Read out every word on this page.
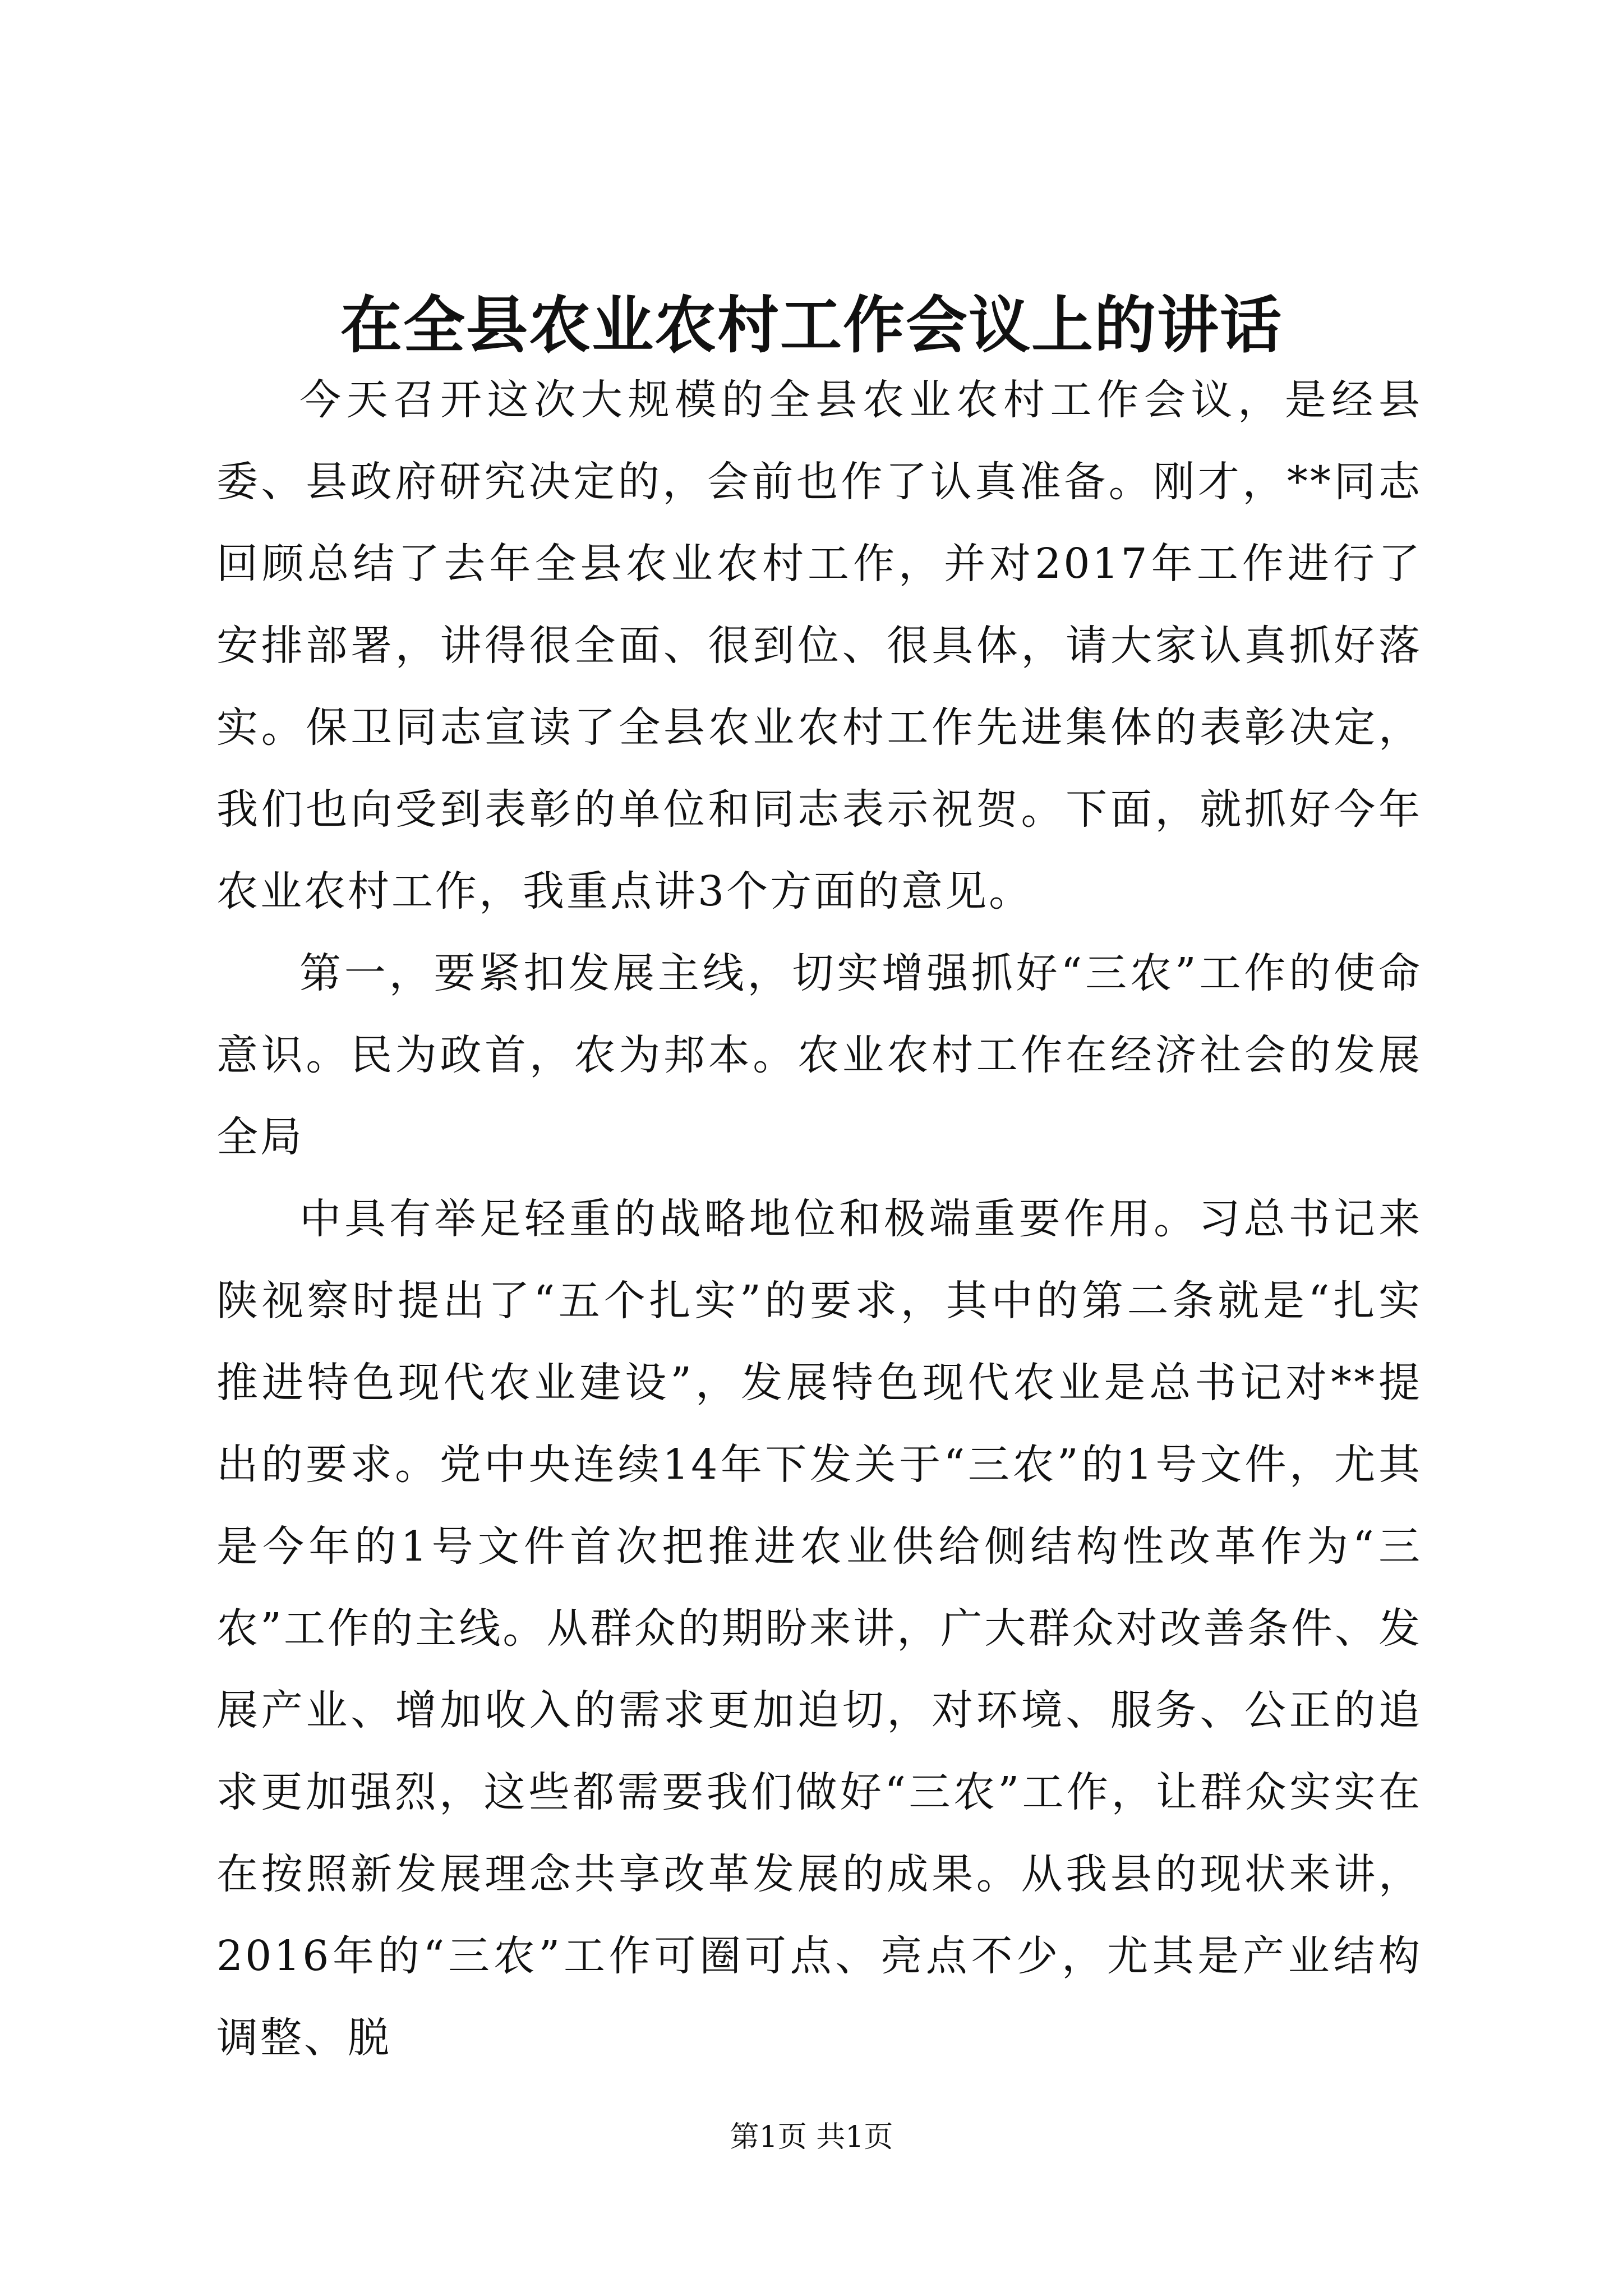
在全县农业农村工作会议上的讲话

今天召开这次大规模的全县农业农村工作会议，是经县委、县政府研究决定的，会前也作了认真准备。刚才，**同志回顾总结了去年全县农业农村工作，并对2017年工作进行了安排部署，讲得很全面、很到位、很具体，请大家认真抓好落实。保卫同志宣读了全县农业农村工作先进集体的表彰决定，我们也向受到表彰的单位和同志表示祝贺。下面，就抓好今年农业农村工作，我重点讲3个方面的意见。

第一，要紧扣发展主线，切实增强抓好“三农”工作的使命意识。民为政首，农为邦本。农业农村工作在经济社会的发展全局

中具有举足轻重的战略地位和极端重要作用。习总书记来陕视察时提出了“五个扎实”的要求，其中的第二条就是“扎实推进特色现代农业建设”，发展特色现代农业是总书记对**提出的要求。党中央连续14年下发关于“三农”的1号文件，尤其是今年的1号文件首次把推进农业供给侧结构性改革作为“三农”工作的主线。从群众的期盼来讲，广大群众对改善条件、发展产业、增加收入的需求更加迫切，对环境、服务、公正的追求更加强烈，这些都需要我们做好“三农”工作，让群众实实在在按照新发展理念共享改革发展的成果。从我县的现状来讲，2016年的“三农”工作可圈可点、亮点不少，尤其是产业结构调整、脱

第1页 共1页
